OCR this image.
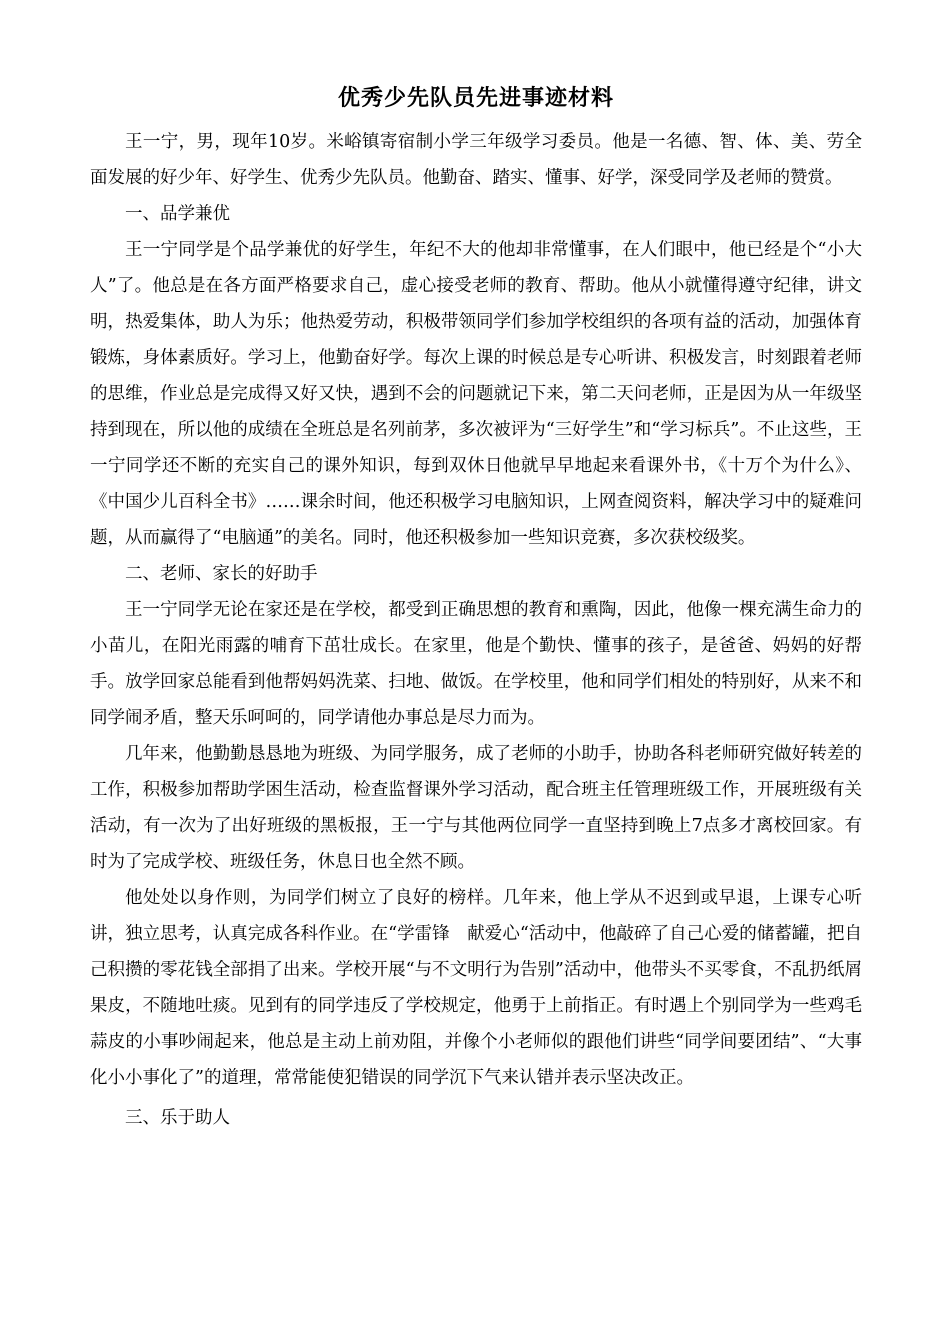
优秀少先队员先进事迹材料

王一宁，男，现年10岁。米峪镇寄宿制小学三年级学习委员。他是一名德、智、体、美、劳全面发展的好少年、好学生、优秀少先队员。他勤奋、踏实、懂事、好学，深受同学及老师的赞赏。

一、品学兼优

王一宁同学是个品学兼优的好学生，年纪不大的他却非常懂事，在人们眼中，他已经是个“小大人”了。他总是在各方面严格要求自己，虚心接受老师的教育、帮助。他从小就懂得遵守纪律，讲文明，热爱集体，助人为乐；他热爱劳动，积极带领同学们参加学校组织的各项有益的活动，加强体育锻炼，身体素质好。学习上，他勤奋好学。每次上课的时候总是专心听讲、积极发言，时刻跟着老师的思维，作业总是完成得又好又快，遇到不会的问题就记下来，第二天问老师，正是因为从一年级坚持到现在，所以他的成绩在全班总是名列前茅，多次被评为“三好学生”和“学习标兵”。不止这些，王一宁同学还不断的充实自己的课外知识，每到双休日他就早早地起来看课外书，《十万个为什么》、《中国少儿百科全书》……课余时间，他还积极学习电脑知识，上网查阅资料，解决学习中的疑难问题，从而赢得了“电脑通”的美名。同时，他还积极参加一些知识竞赛，多次获校级奖。

二、老师、家长的好助手

王一宁同学无论在家还是在学校，都受到正确思想的教育和熏陶，因此，他像一棵充满生命力的小苗儿，在阳光雨露的哺育下茁壮成长。在家里，他是个勤快、懂事的孩子，是爸爸、妈妈的好帮手。放学回家总能看到他帮妈妈洗菜、扫地、做饭。在学校里，他和同学们相处的特别好，从来不和同学闹矛盾，整天乐呵呵的，同学请他办事总是尽力而为。

几年来，他勤勤恳恳地为班级、为同学服务，成了老师的小助手，协助各科老师研究做好转差的工作，积极参加帮助学困生活动，检查监督课外学习活动，配合班主任管理班级工作，开展班级有关活动，有一次为了出好班级的黑板报，王一宁与其他两位同学一直坚持到晚上7点多才离校回家。有时为了完成学校、班级任务，休息日也全然不顾。

他处处以身作则，为同学们树立了良好的榜样。几年来，他上学从不迟到或早退，上课专心听讲，独立思考，认真完成各科作业。在“学雷锋　献爱心“活动中，他敲碎了自己心爱的储蓄罐，把自己积攒的零花钱全部捐了出来。学校开展“与不文明行为告别”活动中，他带头不买零食，不乱扔纸屑果皮，不随地吐痰。见到有的同学违反了学校规定，他勇于上前指正。有时遇上个别同学为一些鸡毛蒜皮的小事吵闹起来，他总是主动上前劝阻，并像个小老师似的跟他们讲些“同学间要团结”、“大事化小小事化了”的道理，常常能使犯错误的同学沉下气来认错并表示坚决改正。

三、乐于助人
